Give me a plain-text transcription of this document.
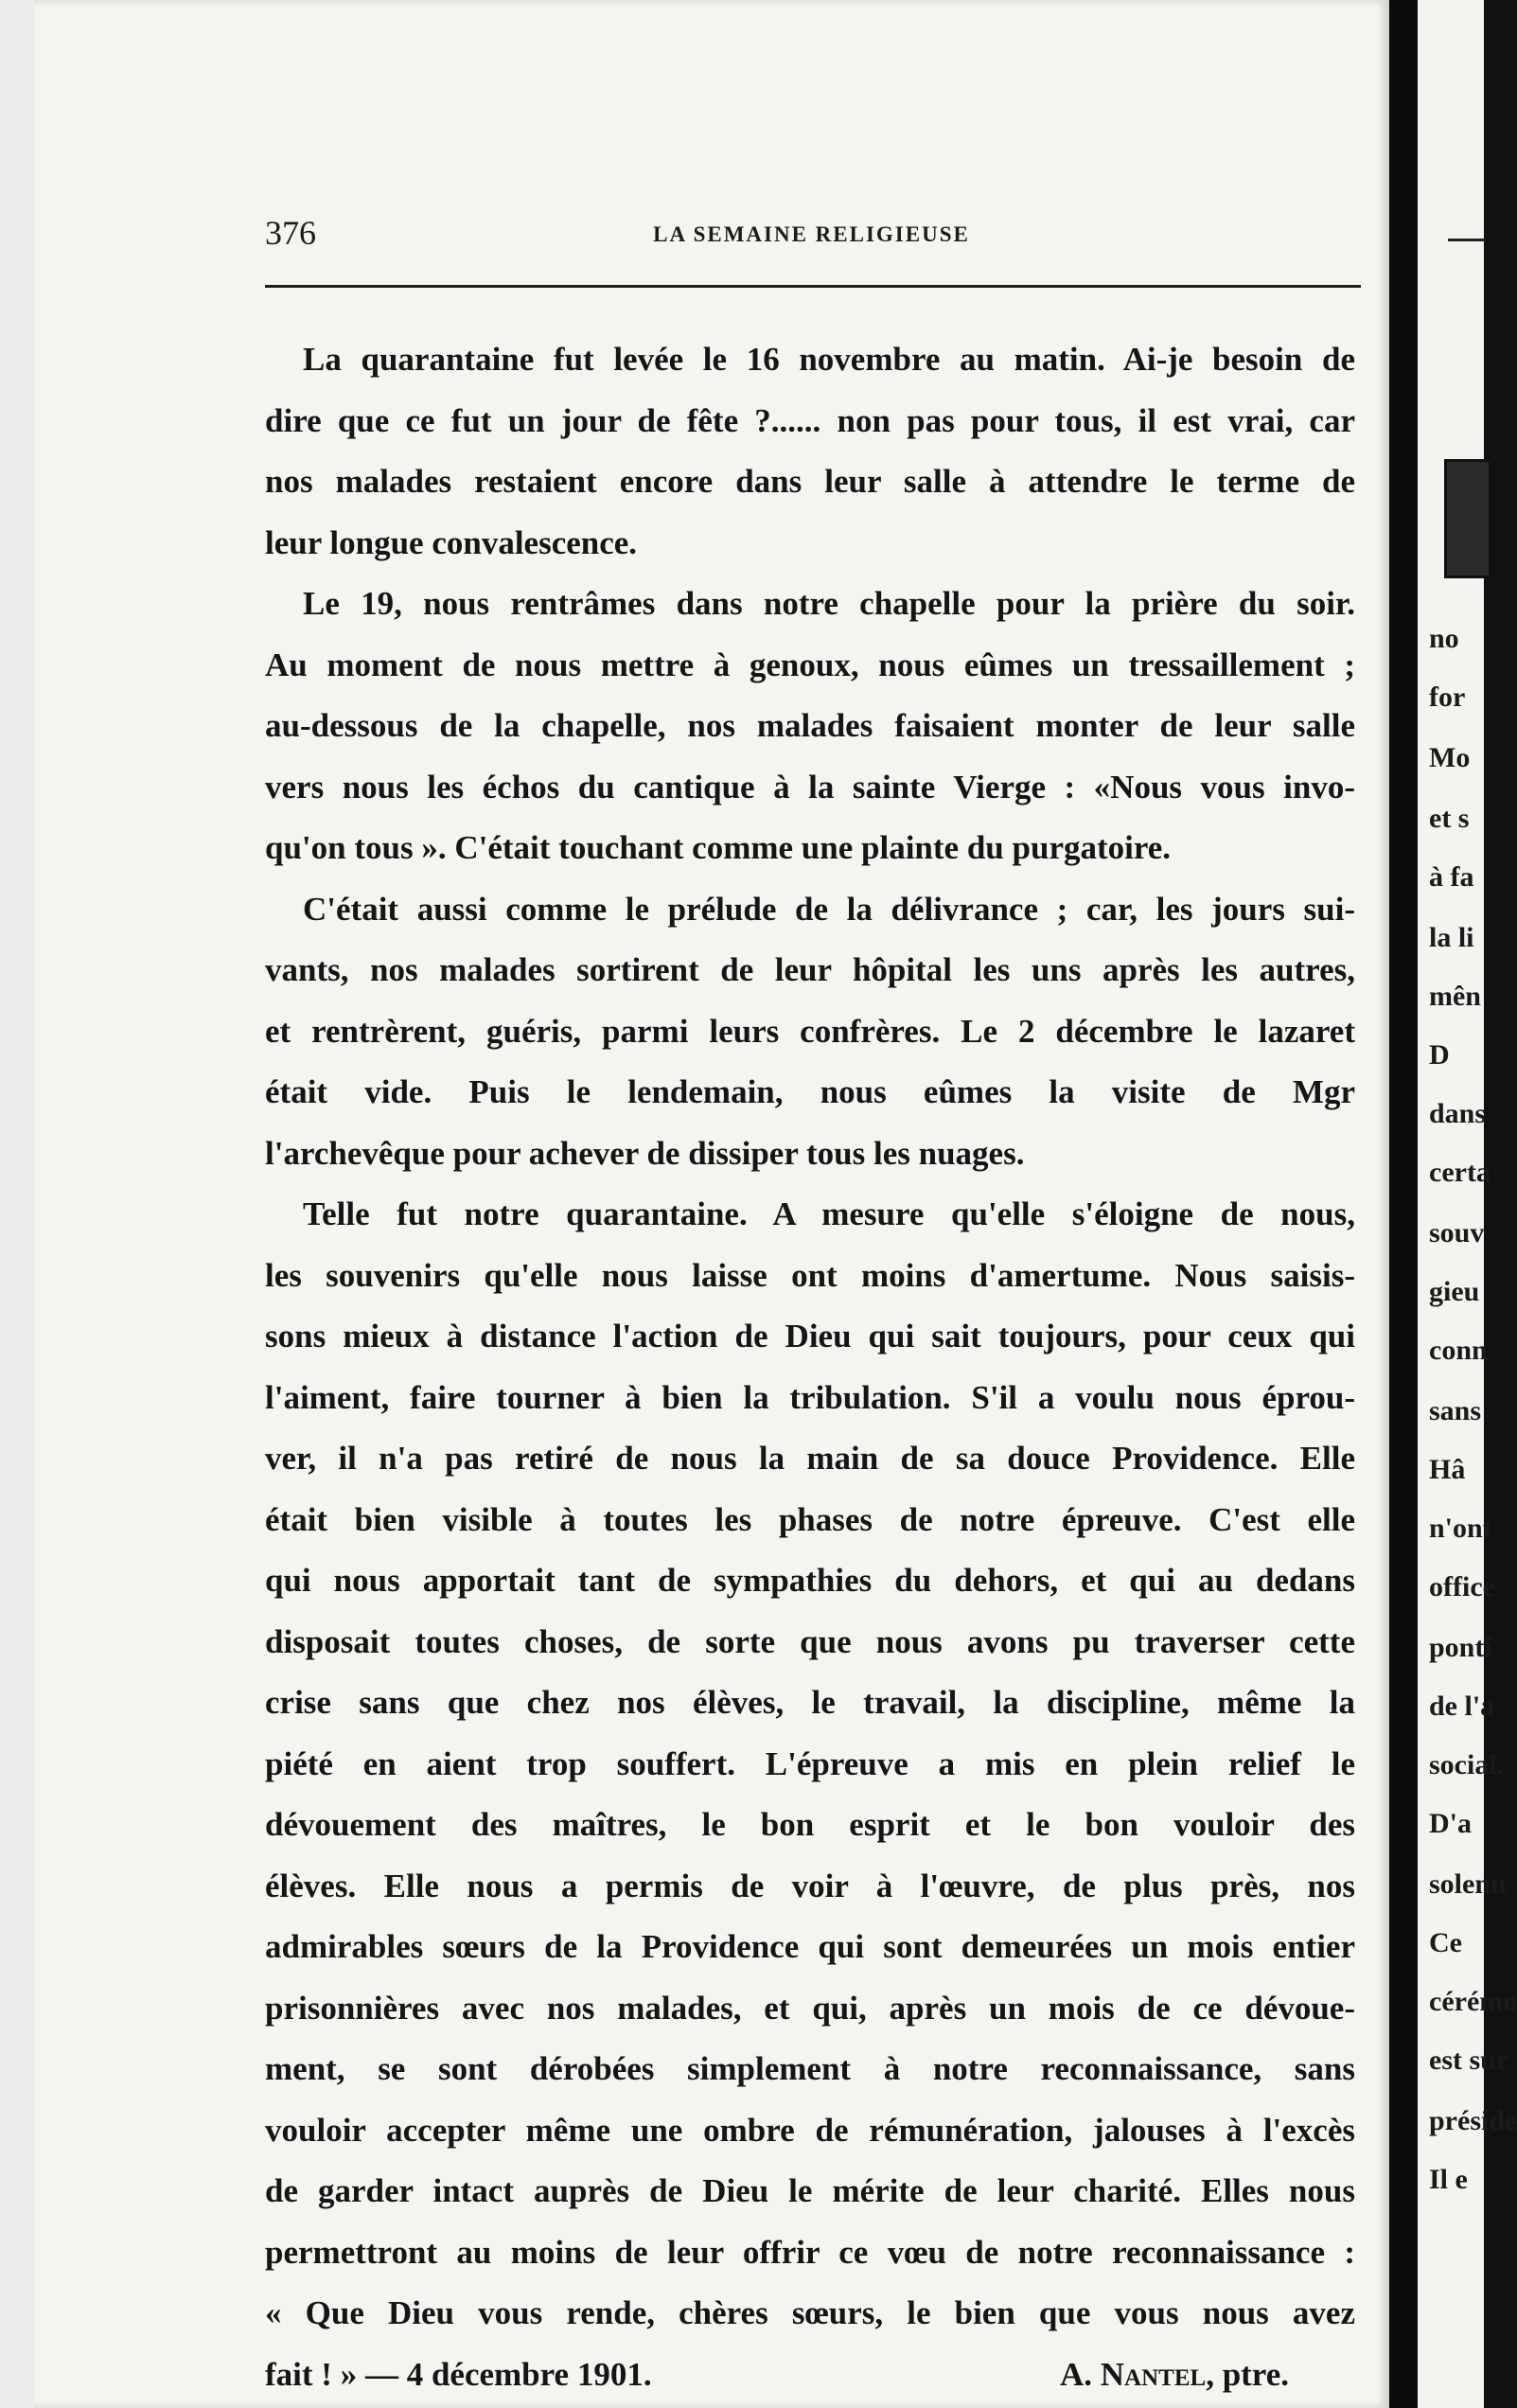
376	LA SEMAINE RELIGIEUSE
La quarantaine fut levée le 16 novembre au matin. Ai-je besoin de
dire que ce fut un jour de fête ?...... non pas pour tous, il est vrai, car
nos malades restaient encore dans leur salle à attendre le terme de
leur longue convalescence.
Le 19, nous rentrâmes dans notre chapelle pour la prière du soir.
Au moment de nous mettre à genoux, nous eûmes un tressaillement ;
au-dessous de la chapelle, nos malades faisaient monter de leur salle
vers nous les échos du cantique à la sainte Vierge : «Nous vous invo-
qu'on tous ». C'était touchant comme une plainte du purgatoire.
C'était aussi comme le prélude de la délivrance ; car, les jours sui-
vants, nos malades sortirent de leur hôpital les uns après les autres,
et rentrèrent, guéris, parmi leurs confrères. Le 2 décembre le lazaret
était vide. Puis le lendemain, nous eûmes la visite de Mgr
l'archevêque pour achever de dissiper tous les nuages.
Telle fut notre quarantaine. A mesure qu'elle s'éloigne de nous,
les souvenirs qu'elle nous laisse ont moins d'amertume. Nous saisis-
sons mieux à distance l'action de Dieu qui sait toujours, pour ceux qui
l'aiment, faire tourner à bien la tribulation. S'il a voulu nous éprou-
ver, il n'a pas retiré de nous la main de sa douce Providence. Elle
était bien visible à toutes les phases de notre épreuve. C'est elle
qui nous apportait tant de sympathies du dehors, et qui au dedans
disposait toutes choses, de sorte que nous avons pu traverser cette
crise sans que chez nos élèves, le travail, la discipline, même la
piété en aient trop souffert. L'épreuve a mis en plein relief le
dévouement des maîtres, le bon esprit et le bon vouloir des
élèves. Elle nous a permis de voir à l'œuvre, de plus près, nos
admirables sœurs de la Providence qui sont demeurées un mois entier
prisonnières avec nos malades, et qui, après un mois de ce dévoue-
ment, se sont dérobées simplement à notre reconnaissance, sans
vouloir accepter même une ombre de rémunération, jalouses à l'excès
de garder intact auprès de Dieu le mérite de leur charité. Elles nous
permettront au moins de leur offrir ce vœu de notre reconnaissance :
« Que Dieu vous rende, chères sœurs, le bien que vous nous avez
fait ! » — 4 décembre 1901.	A. Nantel, ptre.
no
for
Mo
et s
à fa
la li
mên
D
dans
certa
souv
gieu
conn
sans
Hâ
n'ont
office
ponti
de l'a
social.
D'a
solenn
Ce
cérémo
est sur
préside
Il e
